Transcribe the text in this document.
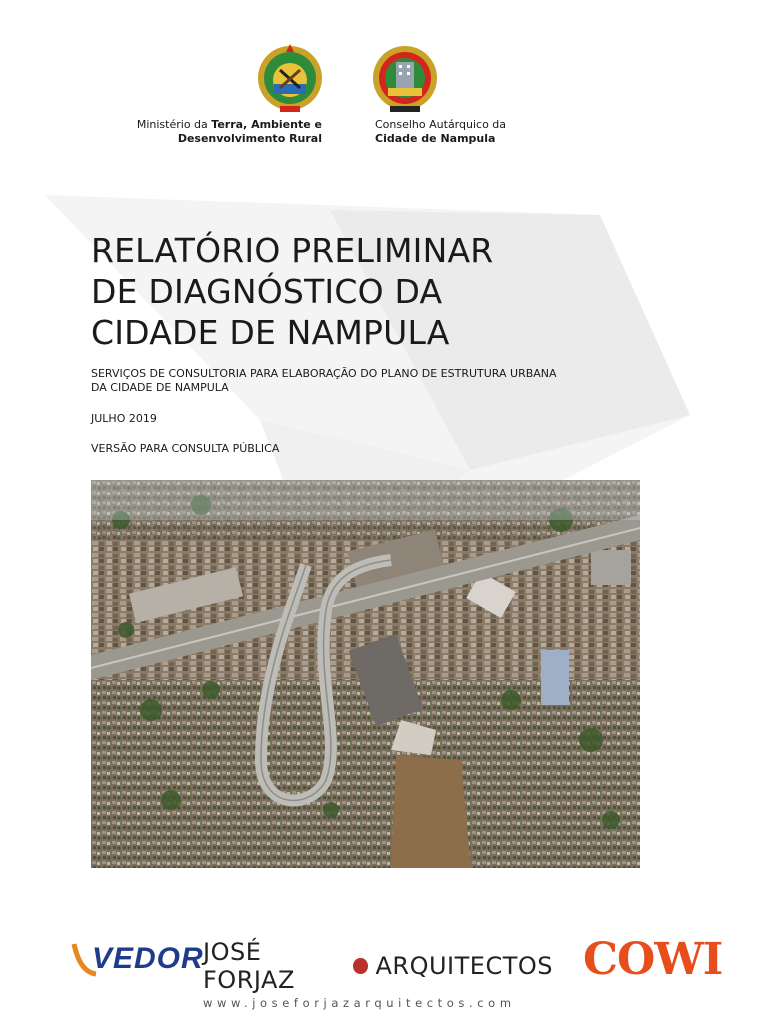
Ministério da Terra, Ambiente e
Desenvolvimento Rural
Conselho Autárquico da
Cidade de Nampula
RELATÓRIO PRELIMINAR
DE DIAGNÓSTICO DA
CIDADE DE NAMPULA
SERVIÇOS DE CONSULTORIA PARA ELABORAÇÃO DO PLANO DE ESTRUTURA URBANA
DA CIDADE DE NAMPULA
JULHO 2019
VERSÃO PARA CONSULTA PÚBLICA
VEDOR JOSÉ FORJAZ	ARQUITECTOS
www.joseforjazarquitectos.com
COWI
